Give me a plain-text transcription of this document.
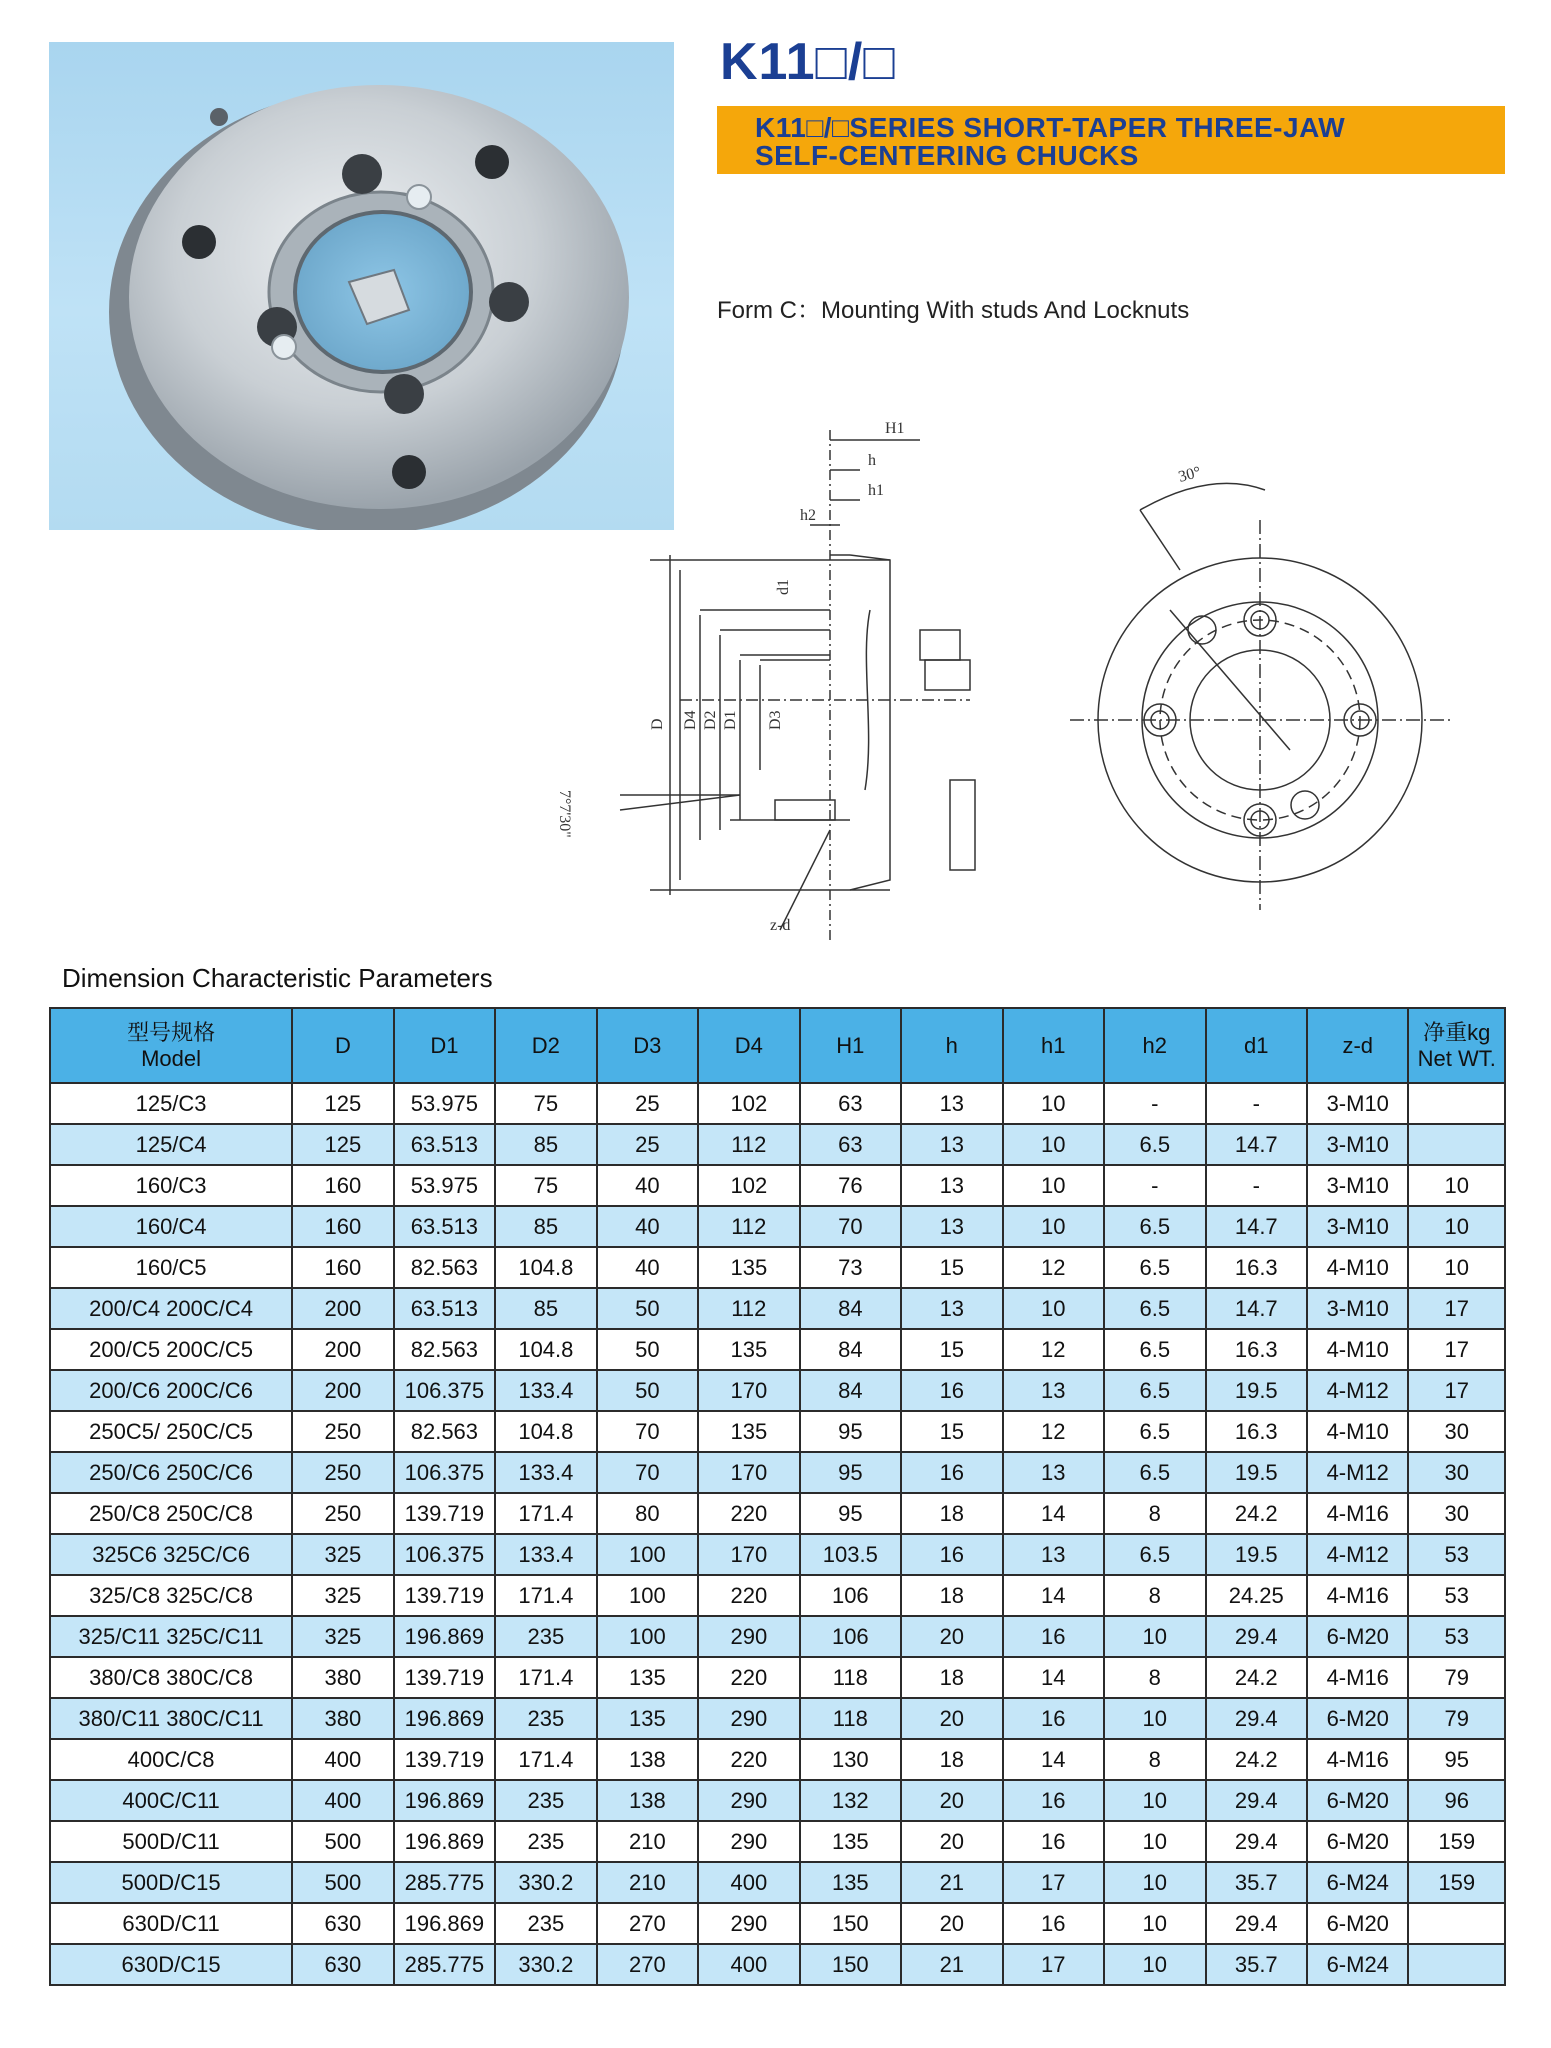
K11□/□
K11□/□SERIES SHORT-TAPER THREE-JAW
SELF-CENTERING CHUCKS
Form C：Mounting With studs And Locknuts
H1
h
h1
h2
d1
D D4 D2 D1 D3
7°7'30"
z-d
30°
Dimension Characteristic Parameters
型号规格
Model	D	D1	D2	D3	D4	H1	h	h1	h2	d1	z-d	净重kg
Net WT.
125/C3	125	53.975	75	25	102	63	13	10	-	-	3-M10	
125/C4	125	63.513	85	25	112	63	13	10	6.5	14.7	3-M10	
160/C3	160	53.975	75	40	102	76	13	10	-	-	3-M10	10
160/C4	160	63.513	85	40	112	70	13	10	6.5	14.7	3-M10	10
160/C5	160	82.563	104.8	40	135	73	15	12	6.5	16.3	4-M10	10
200/C4 200C/C4	200	63.513	85	50	112	84	13	10	6.5	14.7	3-M10	17
200/C5 200C/C5	200	82.563	104.8	50	135	84	15	12	6.5	16.3	4-M10	17
200/C6 200C/C6	200	106.375	133.4	50	170	84	16	13	6.5	19.5	4-M12	17
250C5/ 250C/C5	250	82.563	104.8	70	135	95	15	12	6.5	16.3	4-M10	30
250/C6 250C/C6	250	106.375	133.4	70	170	95	16	13	6.5	19.5	4-M12	30
250/C8 250C/C8	250	139.719	171.4	80	220	95	18	14	8	24.2	4-M16	30
325C6 325C/C6	325	106.375	133.4	100	170	103.5	16	13	6.5	19.5	4-M12	53
325/C8 325C/C8	325	139.719	171.4	100	220	106	18	14	8	24.25	4-M16	53
325/C11 325C/C11	325	196.869	235	100	290	106	20	16	10	29.4	6-M20	53
380/C8 380C/C8	380	139.719	171.4	135	220	118	18	14	8	24.2	4-M16	79
380/C11 380C/C11	380	196.869	235	135	290	118	20	16	10	29.4	6-M20	79
400C/C8	400	139.719	171.4	138	220	130	18	14	8	24.2	4-M16	95
400C/C11	400	196.869	235	138	290	132	20	16	10	29.4	6-M20	96
500D/C11	500	196.869	235	210	290	135	20	16	10	29.4	6-M20	159
500D/C15	500	285.775	330.2	210	400	135	21	17	10	35.7	6-M24	159
630D/C11	630	196.869	235	270	290	150	20	16	10	29.4	6-M20	
630D/C15	630	285.775	330.2	270	400	150	21	17	10	35.7	6-M24	
